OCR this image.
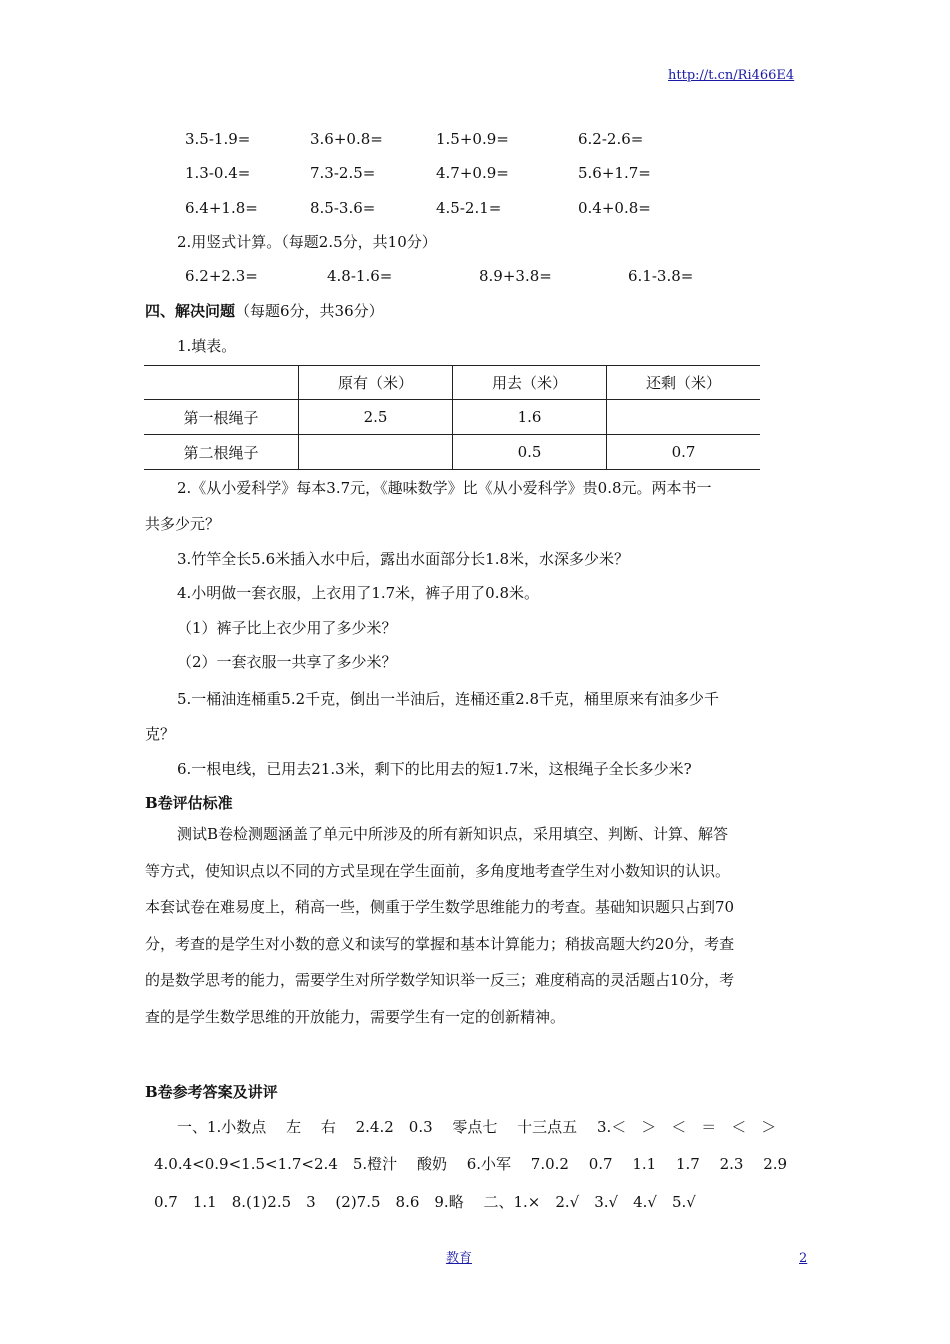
http://t.cn/Ri466E4
3.5-1.9=	3.6+0.8=	1.5+0.9=	6.2-2.6=
1.3-0.4=	7.3-2.5=	4.7+0.9=	5.6+1.7=
6.4+1.8=	8.5-3.6=	4.5-2.1=	0.4+0.8=
2.用竖式计算。（每题2.5分，共10分）
6.2+2.3=	4.8-1.6=	8.9+3.8=	6.1-3.8=
四、解决问题（每题6分，共36分）
1.填表。
	原有（米）	用去（米）	还剩（米）
第一根绳子	2.5	1.6	
第二根绳子		0.5	0.7
2.《从小爱科学》每本3.7元，《趣味数学》比《从小爱科学》贵0.8元。两本书一
共多少元？
3.竹竿全长5.6米插入水中后，露出水面部分长1.8米，水深多少米？
4.小明做一套衣服，上衣用了1.7米，裤子用了0.8米。
（1）裤子比上衣少用了多少米？
（2）一套衣服一共享了多少米？
5.一桶油连桶重5.2千克，倒出一半油后，连桶还重2.8千克，桶里原来有油多少千
克？
6.一根电线，已用去21.3米，剩下的比用去的短1.7米，这根绳子全长多少米?
B卷评估标准
测试B卷检测题涵盖了单元中所涉及的所有新知识点，采用填空、判断、计算、解答
等方式，使知识点以不同的方式呈现在学生面前，多角度地考查学生对小数知识的认识。
本套试卷在难易度上，稍高一些，侧重于学生数学思维能力的考查。基础知识题只占到70
分，考查的是学生对小数的意义和读写的掌握和基本计算能力；稍拔高题大约20分，考查
的是数学思考的能力，需要学生对所学数学知识举一反三；难度稍高的灵活题占10分，考
查的是学生数学思维的开放能力，需要学生有一定的创新精神。
B卷参考答案及讲评
一、1.小数点　 左　 右　 2.4.2　0.3　 零点七　 十三点五　 3.＜　＞　＜　＝　＜　＞
4.0.4<0.9<1.5<1.7<2.4　5.橙汁　 酸奶　 6.小军　 7.0.2　 0.7　 1.1　 1.7　 2.3　 2.9
0.7　1.1　8.(1)2.5　3　 (2)7.5　8.6　9.略　 二、1.×　2.√　3.√　4.√　5.√
教育	2
